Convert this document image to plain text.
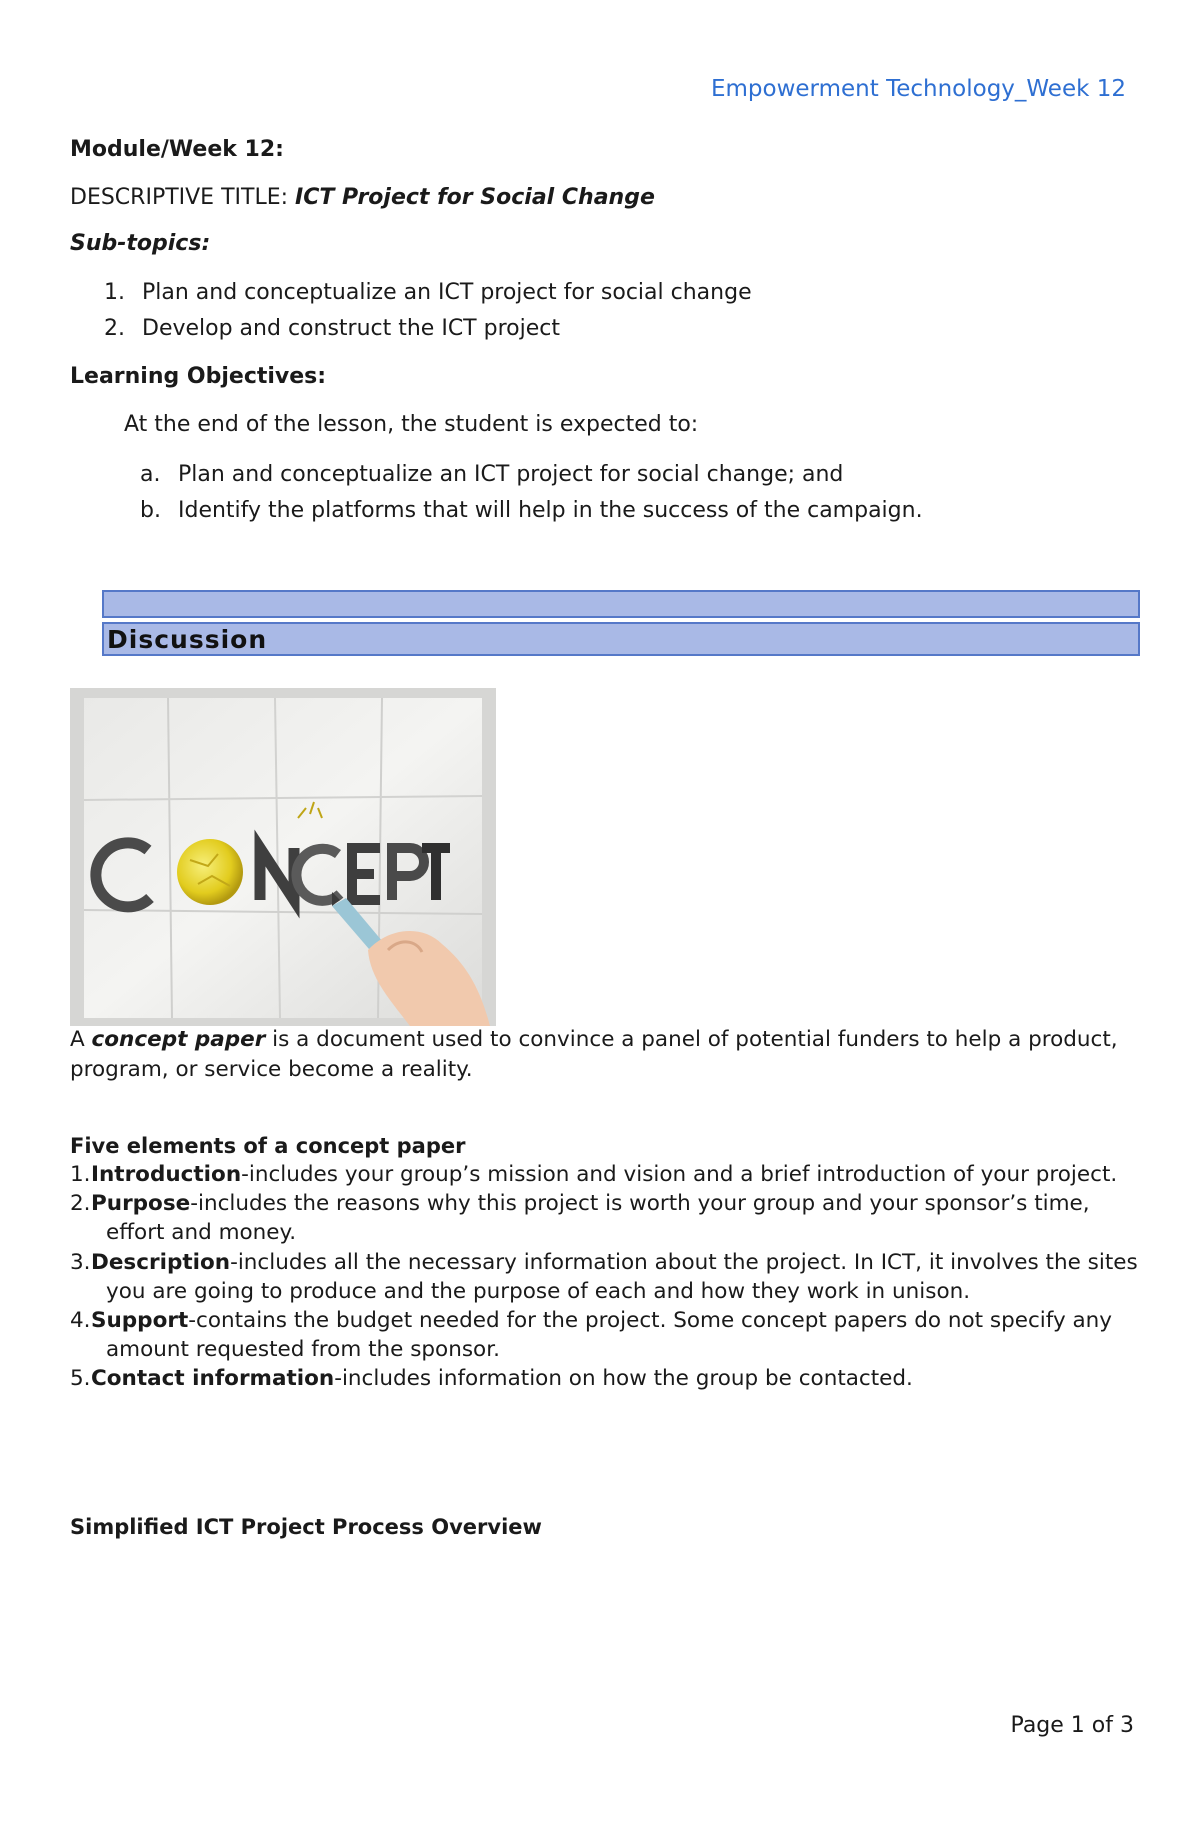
Empowerment Technology_Week 12
Module/Week 12:
DESCRIPTIVE TITLE: ICT Project for Social Change
Sub-topics:
1. Plan and conceptualize an ICT project for social change
2. Develop and construct the ICT project
Learning Objectives:
At the end of the lesson, the student is expected to:
a. Plan and conceptualize an ICT project for social change; and
b. Identify the platforms that will help in the success of the campaign.
Discussion
A concept paper is a document used to convince a panel of potential funders to help a product, program, or service become a reality.
Five elements of a concept paper
1. Introduction-includes your group’s mission and vision and a brief introduction of your project.
2. Purpose-includes the reasons why this project is worth your group and your sponsor’s time, effort and money.
3. Description-includes all the necessary information about the project. In ICT, it involves the sites you are going to produce and the purpose of each and how they work in unison.
4. Support-contains the budget needed for the project. Some concept papers do not specify any amount requested from the sponsor.
5. Contact information-includes information on how the group be contacted.
Simplified ICT Project Process Overview
Page 1 of 3
